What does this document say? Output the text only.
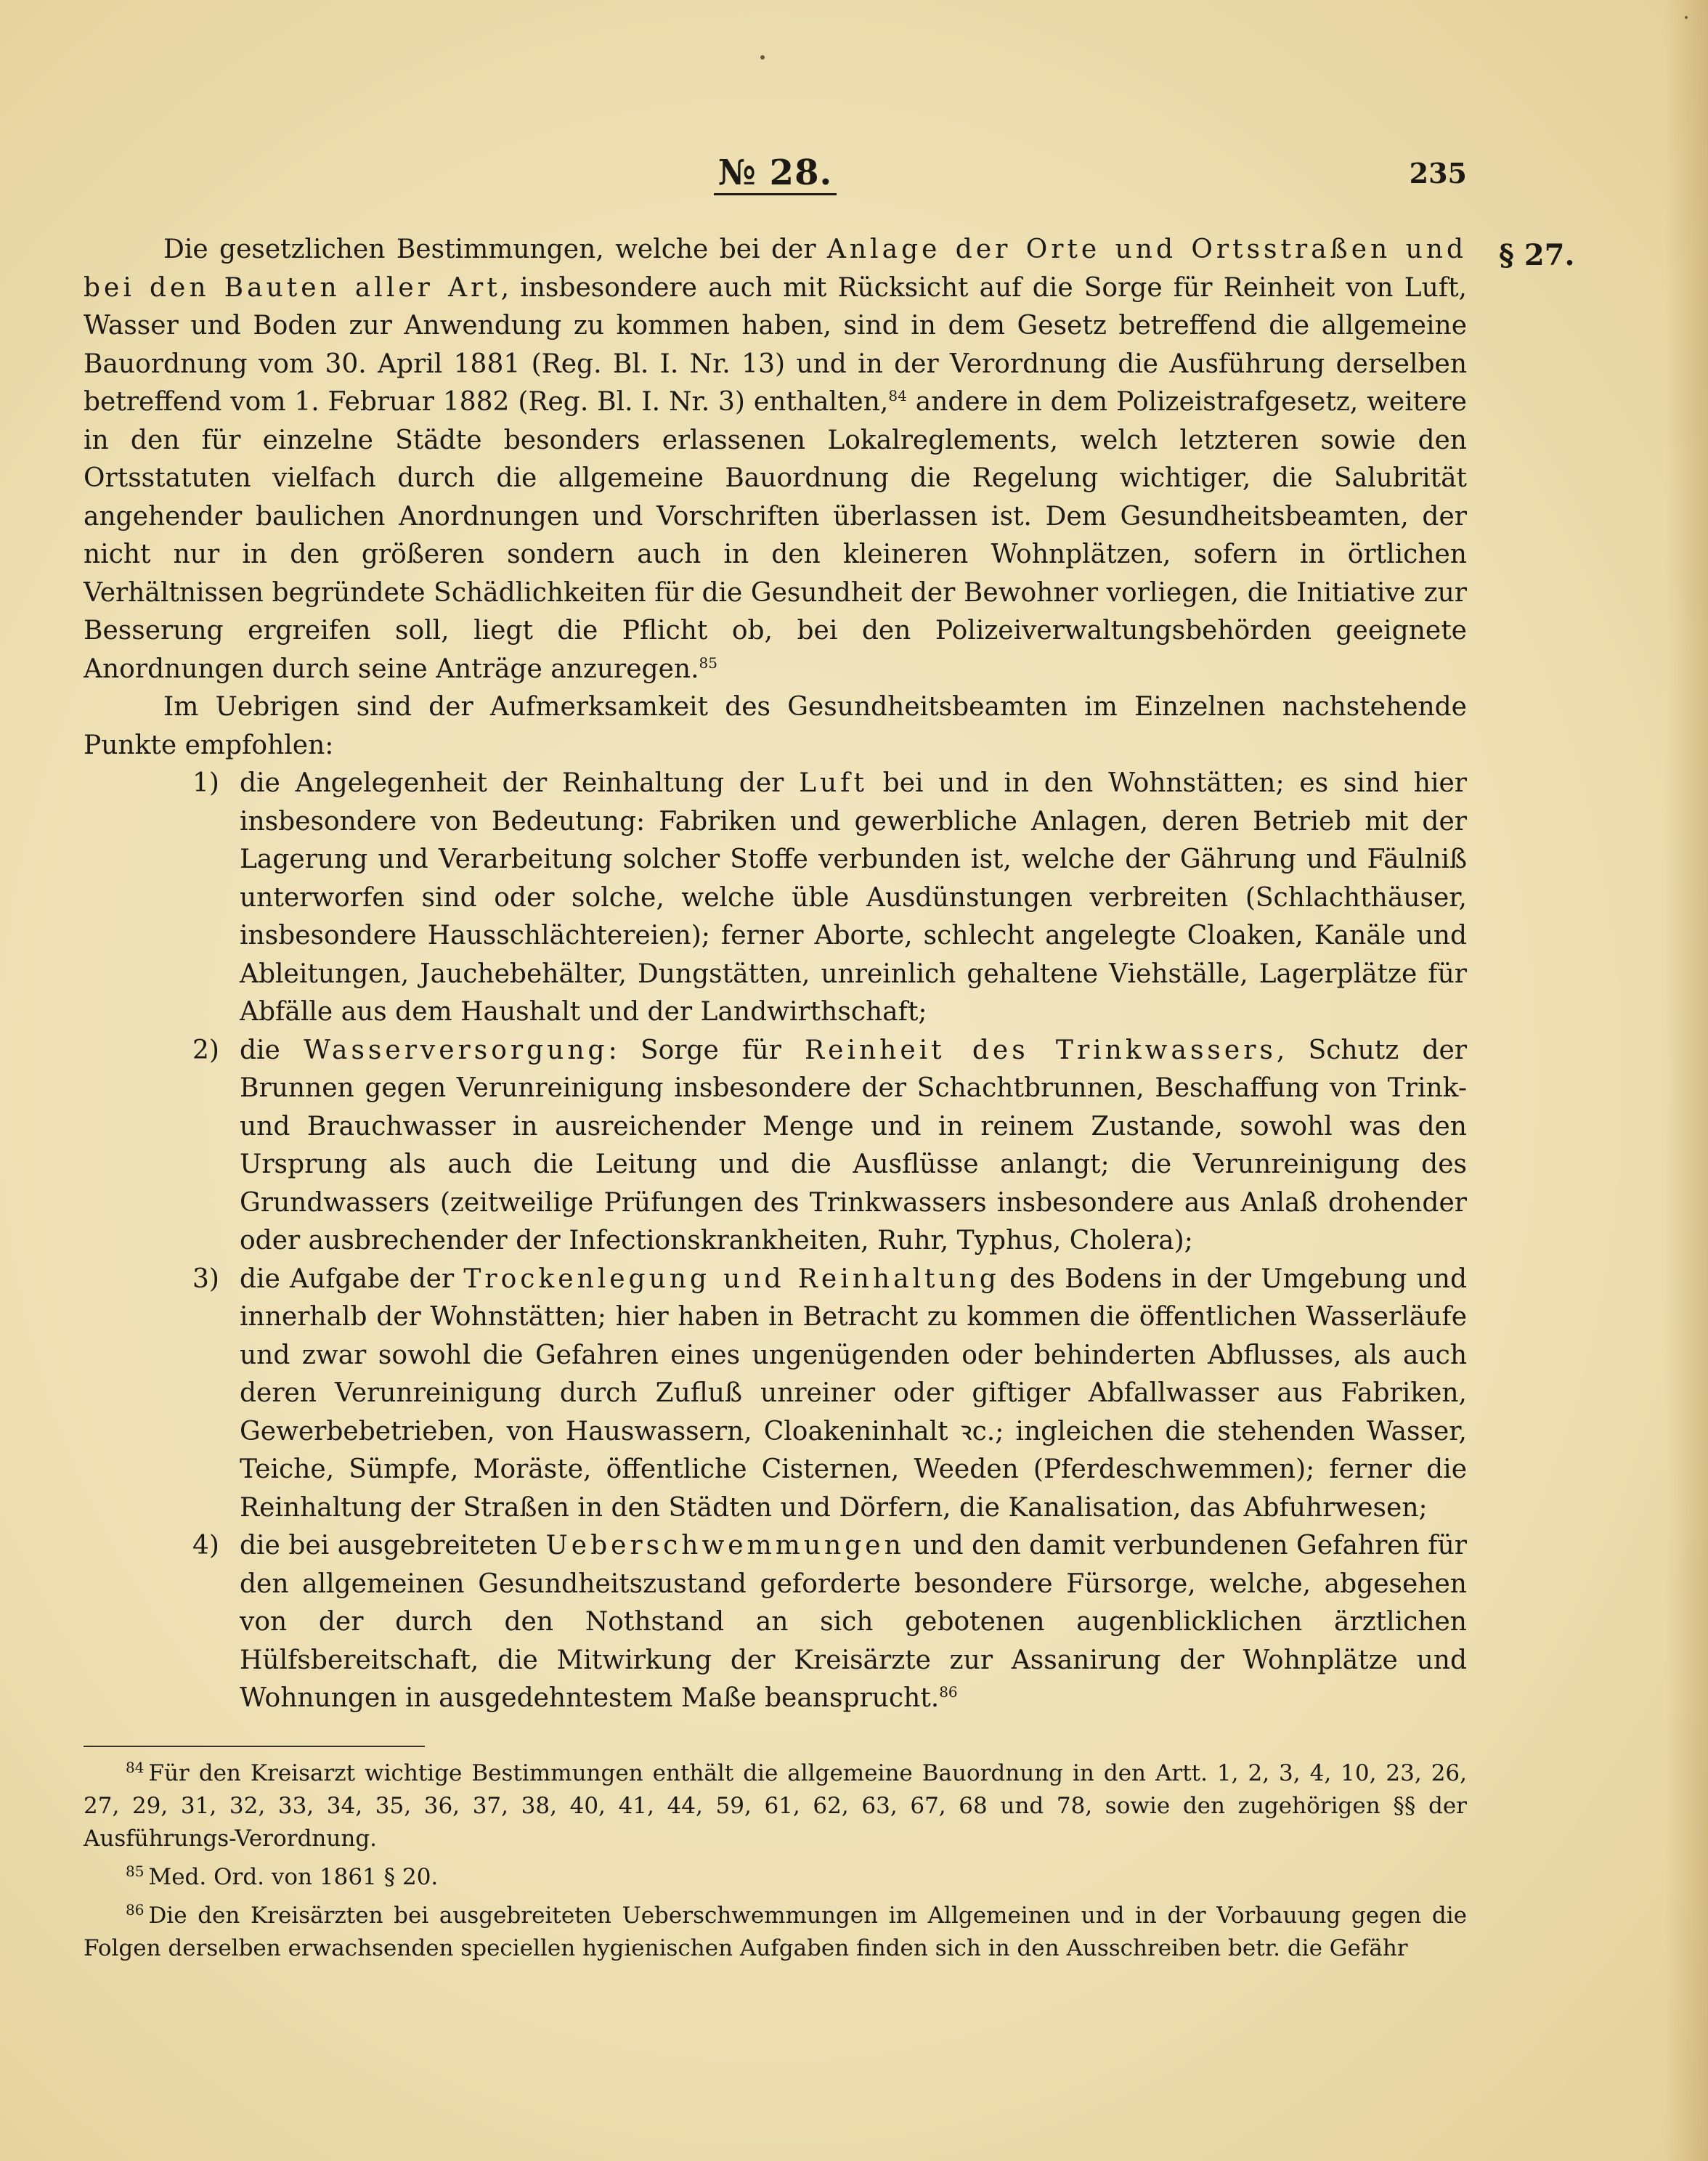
№ 28.	235
§ 27.

Die gesetzlichen Bestimmungen, welche bei der Anlage der Orte und Ortsstraßen und bei den Bauten aller Art, insbesondere auch mit Rücksicht auf die Sorge für Reinheit von Luft, Wasser und Boden zur Anwendung zu kommen haben, sind in dem Gesetz betreffend die allgemeine Bauordnung vom 30. April 1881 (Reg. Bl. I. Nr. 13) und in der Verordnung die Ausführung derselben betreffend vom 1. Februar 1882 (Reg. Bl. I. Nr. 3) enthalten,$^{84}$ andere in dem Polizeistrafgesetz, weitere in den für einzelne Städte besonders erlassenen Lokalreglements, welch letzteren sowie den Ortsstatuten vielfach durch die allgemeine Bauordnung die Regelung wichtiger, die Salubrität angehender baulichen Anordnungen und Vorschriften überlassen ist. Dem Gesundheitsbeamten, der nicht nur in den größeren sondern auch in den kleineren Wohnplätzen, sofern in örtlichen Verhältnissen begründete Schädlichkeiten für die Gesundheit der Bewohner vorliegen, die Initiative zur Besserung ergreifen soll, liegt die Pflicht ob, bei den Polizeiverwaltungsbehörden geeignete Anordnungen durch seine Anträge anzuregen.$^{85}$

Im Uebrigen sind der Aufmerksamkeit des Gesundheitsbeamten im Einzelnen nachstehende Punkte empfohlen:

1) die Angelegenheit der Reinhaltung der Luft bei und in den Wohnstätten; es sind hier insbesondere von Bedeutung: Fabriken und gewerbliche Anlagen, deren Betrieb mit der Lagerung und Verarbeitung solcher Stoffe verbunden ist, welche der Gährung und Fäulniß unterworfen sind oder solche, welche üble Ausdünstungen verbreiten (Schlachthäuser, insbesondere Hausschlächtereien); ferner Aborte, schlecht angelegte Cloaken, Kanäle und Ableitungen, Jauchebehälter, Dungstätten, unreinlich gehaltene Viehställe, Lagerplätze für Abfälle aus dem Haushalt und der Landwirthschaft;
2) die Wasserversorgung: Sorge für Reinheit des Trinkwassers, Schutz der Brunnen gegen Verunreinigung insbesondere der Schachtbrunnen, Beschaffung von Trink- und Brauchwasser in ausreichender Menge und in reinem Zustande, sowohl was den Ursprung als auch die Leitung und die Ausflüsse anlangt; die Verunreinigung des Grundwassers (zeitweilige Prüfungen des Trinkwassers insbesondere aus Anlaß drohender oder ausbrechender der Infectionskrankheiten, Ruhr, Typhus, Cholera);
3) die Aufgabe der Trockenlegung und Reinhaltung des Bodens in der Umgebung und innerhalb der Wohnstätten; hier haben in Betracht zu kommen die öffentlichen Wasserläufe und zwar sowohl die Gefahren eines ungenügenden oder behinderten Abflusses, als auch deren Verunreinigung durch Zufluß unreiner oder giftiger Abfallwasser aus Fabriken, Gewerbebetrieben, von Hauswassern, Cloakeninhalt ꝛc.; ingleichen die stehenden Wasser, Teiche, Sümpfe, Moräste, öffentliche Cisternen, Weeden (Pferdeschwemmen); ferner die Reinhaltung der Straßen in den Städten und Dörfern, die Kanalisation, das Abfuhrwesen;
4) die bei ausgebreiteten Ueberschwemmungen und den damit verbundenen Gefahren für den allgemeinen Gesundheitszustand geforderte besondere Fürsorge, welche, abgesehen von der durch den Nothstand an sich gebotenen augenblicklichen ärztlichen Hülfsbereitschaft, die Mitwirkung der Kreisärzte zur Assanirung der Wohnplätze und Wohnungen in ausgedehntestem Maße beansprucht.$^{86}$

$^{84}$ Für den Kreisarzt wichtige Bestimmungen enthält die allgemeine Bauordnung in den Artt. 1, 2, 3, 4, 10, 23, 26, 27, 29, 31, 32, 33, 34, 35, 36, 37, 38, 40, 41, 44, 59, 61, 62, 63, 67, 68 und 78, sowie den zugehörigen §§ der Ausführungs-Verordnung.

$^{85}$ Med. Ord. von 1861 § 20.

$^{86}$ Die den Kreisärzten bei ausgebreiteten Ueberschwemmungen im Allgemeinen und in der Vorbauung gegen die Folgen derselben erwachsenden speciellen hygienischen Aufgaben finden sich in den Ausschreiben betr. die Gefähr
